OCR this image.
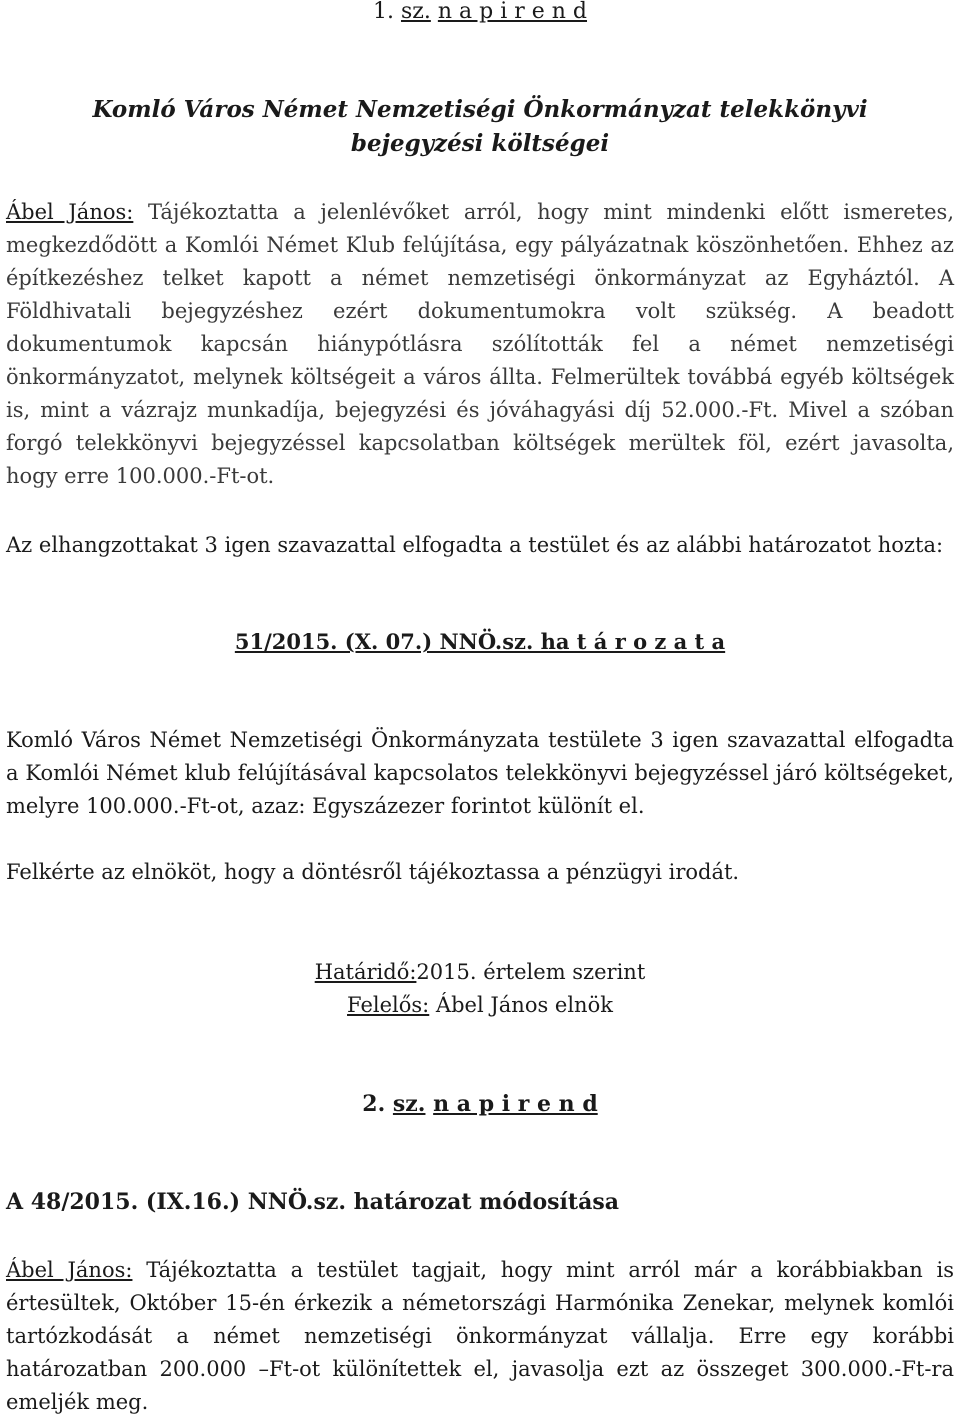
1. sz. n a p i r e n d
Komló Város Német Nemzetiségi Önkormányzat telekkönyvi
bejegyzési költségei
Ábel János: Tájékoztatta a jelenlévőket arról, hogy mint mindenki előtt ismeretes, megkezdődött a Komlói Német Klub felújítása, egy pályázatnak köszönhetően. Ehhez az építkezéshez telket kapott a német nemzetiségi önkormányzat az Egyháztól. A Földhivatali bejegyzéshez ezért dokumentumokra volt szükség. A beadott dokumentumok kapcsán hiánypótlásra szólították fel a német nemzetiségi önkormányzatot, melynek költségeit a város állta. Felmerültek továbbá egyéb költségek is, mint a vázrajz munkadíja, bejegyzési és jóváhagyási díj 52.000.-Ft. Mivel a szóban forgó telekkönyvi bejegyzéssel kapcsolatban költségek merültek föl, ezért javasolta, hogy erre 100.000.-Ft-ot.
Az elhangzottakat 3 igen szavazattal elfogadta a testület és az alábbi határozatot hozta:
51/2015. (X. 07.) NNÖ.sz. ha t á r o z a t a
Komló Város Német Nemzetiségi Önkormányzata testülete 3 igen szavazattal elfogadta a Komlói Német klub felújításával kapcsolatos telekkönyvi bejegyzéssel járó költségeket, melyre 100.000.-Ft-ot, azaz: Egyszázezer forintot különít el.
Felkérte az elnököt, hogy a döntésről tájékoztassa a pénzügyi irodát.
Határidő:2015. értelem szerint
Felelős: Ábel János elnök
2. sz. n a p i r e n d
A 48/2015. (IX.16.) NNÖ.sz. határozat módosítása
Ábel János: Tájékoztatta a testület tagjait, hogy mint arról már a korábbiakban is értesültek, Október 15-én érkezik a németországi Harmónika Zenekar, melynek komlói tartózkodását a német nemzetiségi önkormányzat vállalja. Erre egy korábbi határozatban 200.000 –Ft-ot különítettek el, javasolja ezt az összeget 300.000.-Ft-ra emeljék meg.
